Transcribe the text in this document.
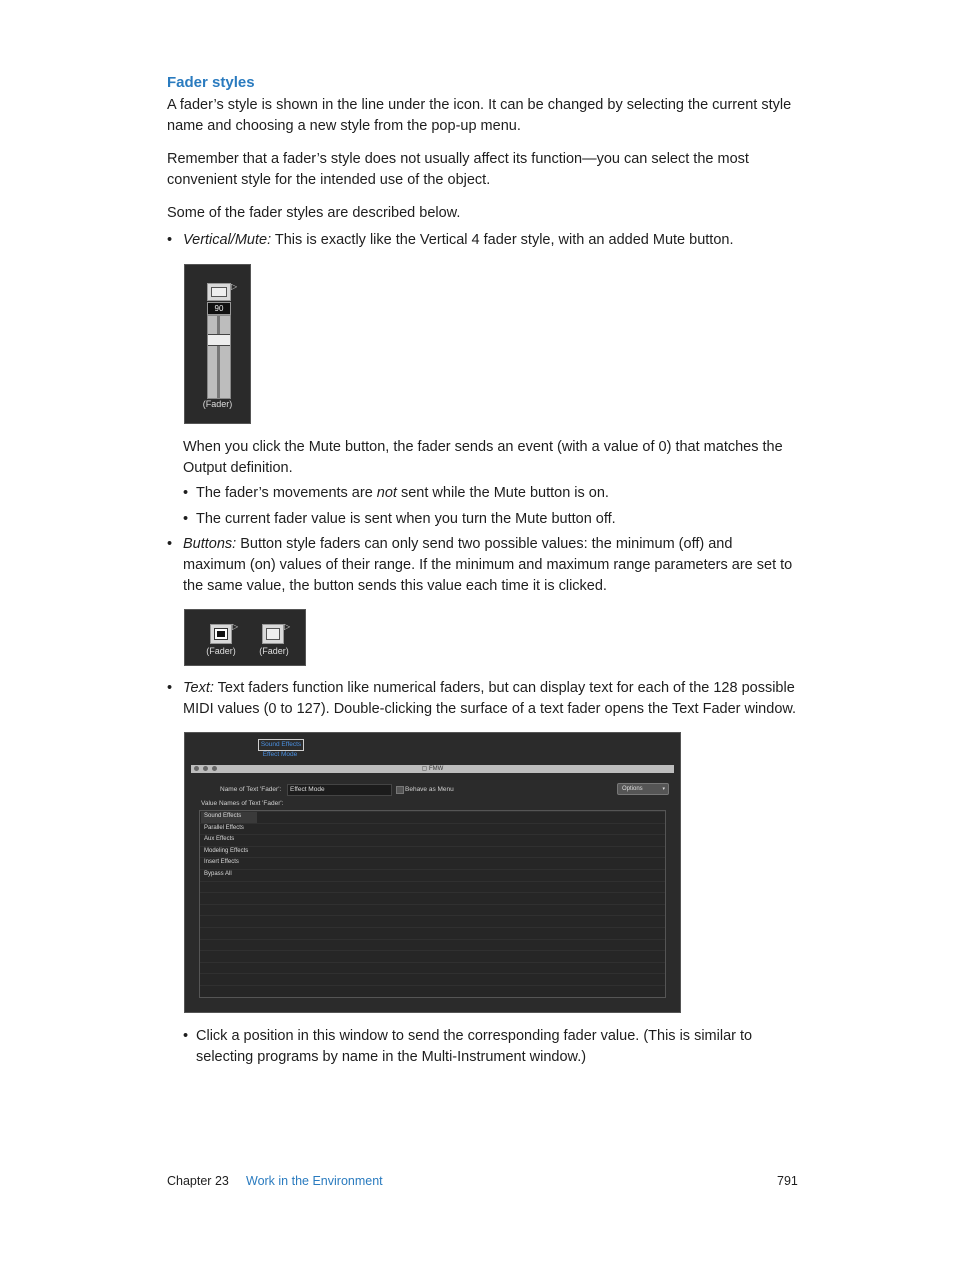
Fader styles
A fader’s style is shown in the line under the icon. It can be changed by selecting the current style name and choosing a new style from the pop-up menu.
Remember that a fader’s style does not usually affect its function—you can select the most convenient style for the intended use of the object.
Some of the fader styles are described below.
• Vertical/Mute: This is exactly like the Vertical 4 fader style, with an added Mute button.
▷
90
(Fader)
When you click the Mute button, the fader sends an event (with a value of 0) that matches the Output definition.
• The fader’s movements are not sent while the Mute button is on.
• The current fader value is sent when you turn the Mute button off.
• Buttons: Button style faders can only send two possible values: the minimum (off) and maximum (on) values of their range. If the minimum and maximum range parameters are set to the same value, the button sends this value each time it is clicked.
▷	▷
(Fader)	(Fader)
• Text: Text faders function like numerical faders, but can display text for each of the 128 possible MIDI values (0 to 127). Double-clicking the surface of a text fader opens the Text Fader window.
Sound Effects
Effect Mode
▢ FMW
Name of Text 'Fader':	Effect Mode	Behave as Menu	Options	▾
Value Names of Text 'Fader':
Sound Effects
Parallel Effects
Aux Effects
Modeling Effects
Insert Effects
Bypass All
• Click a position in this window to send the corresponding fader value. (This is similar to selecting programs by name in the Multi-Instrument window.)
Chapter 23 Work in the Environment	791
